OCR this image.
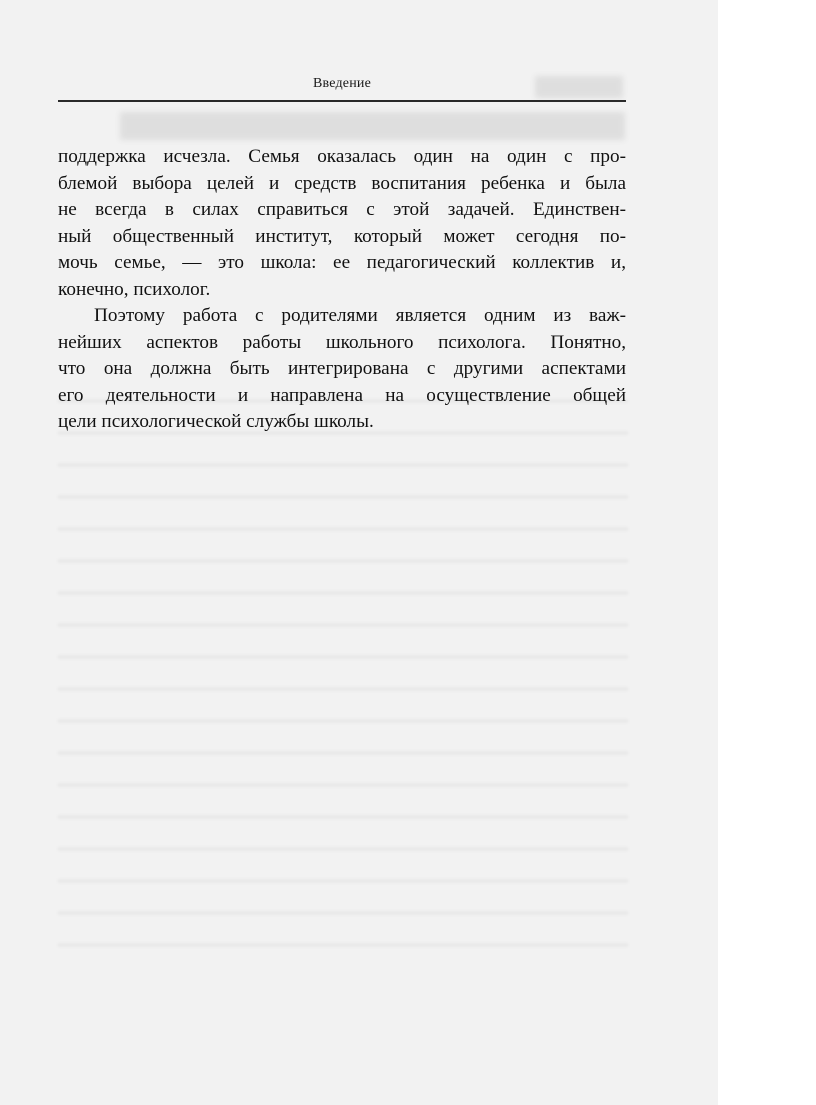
Введение

поддержка исчезла. Семья оказалась один на один с про-
блемой выбора целей и средств воспитания ребенка и была
не всегда в силах справиться с этой задачей. Единствен-
ный общественный институт, который может сегодня по-
мочь семье, — это школа: ее педагогический коллектив и,
конечно, психолог.

Поэтому работа с родителями является одним из важ-
нейших аспектов работы школьного психолога. Понятно,
что она должна быть интегрирована с другими аспектами
его деятельности и направлена на осуществление общей
цели психологической службы школы.
